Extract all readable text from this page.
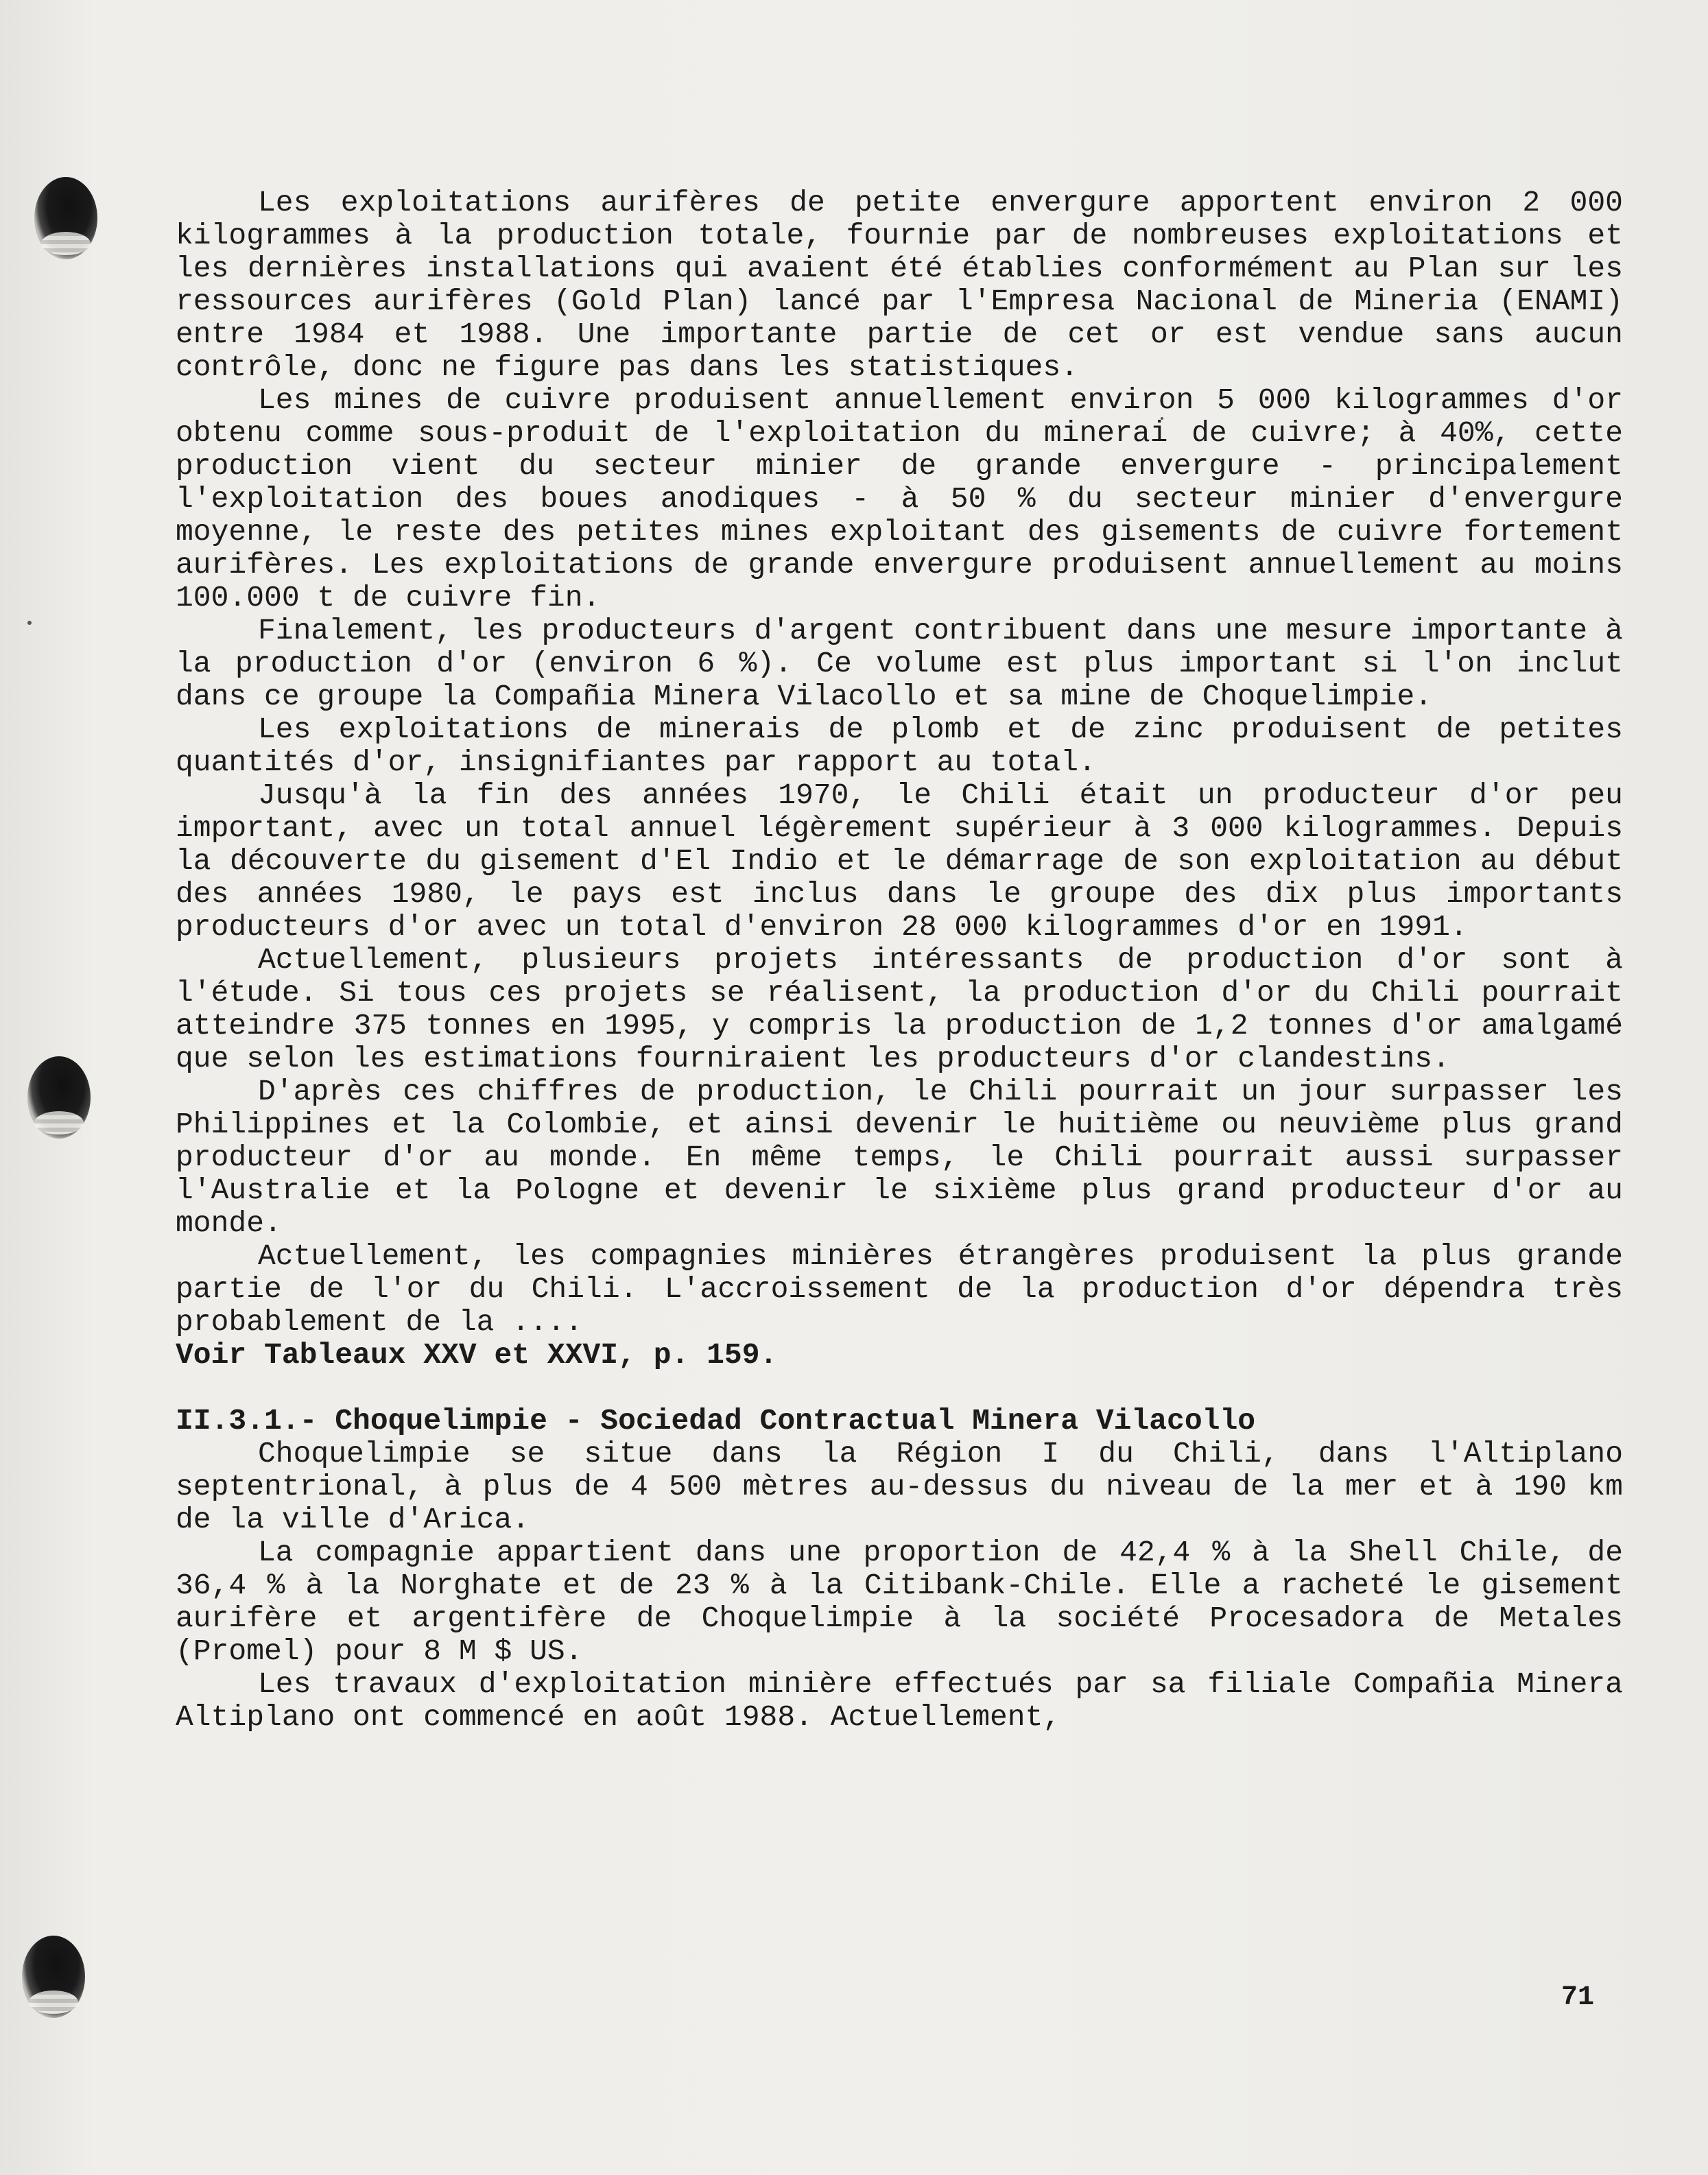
Les exploitations aurifères de petite envergure apportent environ 2 000 kilogrammes à la production totale, fournie par de nombreuses exploitations et les dernières installations qui avaient été établies conformément au Plan sur les ressources aurifères (Gold Plan) lancé par l'Empresa Nacional de Mineria (ENAMI) entre 1984 et 1988. Une importante partie de cet or est vendue sans aucun contrôle, donc ne figure pas dans les statistiques.

Les mines de cuivre produisent annuellement environ 5 000 kilogrammes d'or obtenu comme sous-produit de l'exploitation du minerai de cuivre; à 40%, cette production vient du secteur minier de grande envergure - principalement l'exploitation des boues anodiques - à 50 % du secteur minier d'envergure moyenne, le reste des petites mines exploitant des gisements de cuivre fortement aurifères. Les exploitations de grande envergure produisent annuellement au moins 100.000 t de cuivre fin.

Finalement, les producteurs d'argent contribuent dans une mesure importante à la production d'or (environ 6 %). Ce volume est plus important si l'on inclut dans ce groupe la Compañia Minera Vilacollo et sa mine de Choquelimpie.

Les exploitations de minerais de plomb et de zinc produisent de petites quantités d'or, insignifiantes par rapport au total.

Jusqu'à la fin des années 1970, le Chili était un producteur d'or peu important, avec un total annuel légèrement supérieur à 3 000 kilogrammes. Depuis la découverte du gisement d'El Indio et le démarrage de son exploitation au début des années 1980, le pays est inclus dans le groupe des dix plus importants producteurs d'or avec un total d'environ 28 000 kilogrammes d'or en 1991.

Actuellement, plusieurs projets intéressants de production d'or sont à l'étude. Si tous ces projets se réalisent, la production d'or du Chili pourrait atteindre 375 tonnes en 1995, y compris la production de 1,2 tonnes d'or amalgamé que selon les estimations fourniraient les producteurs d'or clandestins.

D'après ces chiffres de production, le Chili pourrait un jour surpasser les Philippines et la Colombie, et ainsi devenir le huitième ou neuvième plus grand producteur d'or au monde. En même temps, le Chili pourrait aussi surpasser l'Australie et la Pologne et devenir le sixième plus grand producteur d'or au monde.

Actuellement, les compagnies minières étrangères produisent la plus grande partie de l'or du Chili. L'accroissement de la production d'or dépendra très probablement de la ....

Voir Tableaux XXV et XXVI, p. 159.
II.3.1.- Choquelimpie - Sociedad Contractual Minera Vilacollo

Choquelimpie se situe dans la Région I du Chili, dans l'Altiplano septentrional, à plus de 4 500 mètres au-dessus du niveau de la mer et à 190 km de la ville d'Arica.

La compagnie appartient dans une proportion de 42,4 % à la Shell Chile, de 36,4 % à la Norghate et de 23 % à la Citibank-Chile. Elle a racheté le gisement aurifère et argentifère de Choquelimpie à la société Procesadora de Metales (Promel) pour 8 M $ US.

Les travaux d'exploitation minière effectués par sa filiale Compañia Minera Altiplano ont commencé en août 1988. Actuellement,

71
